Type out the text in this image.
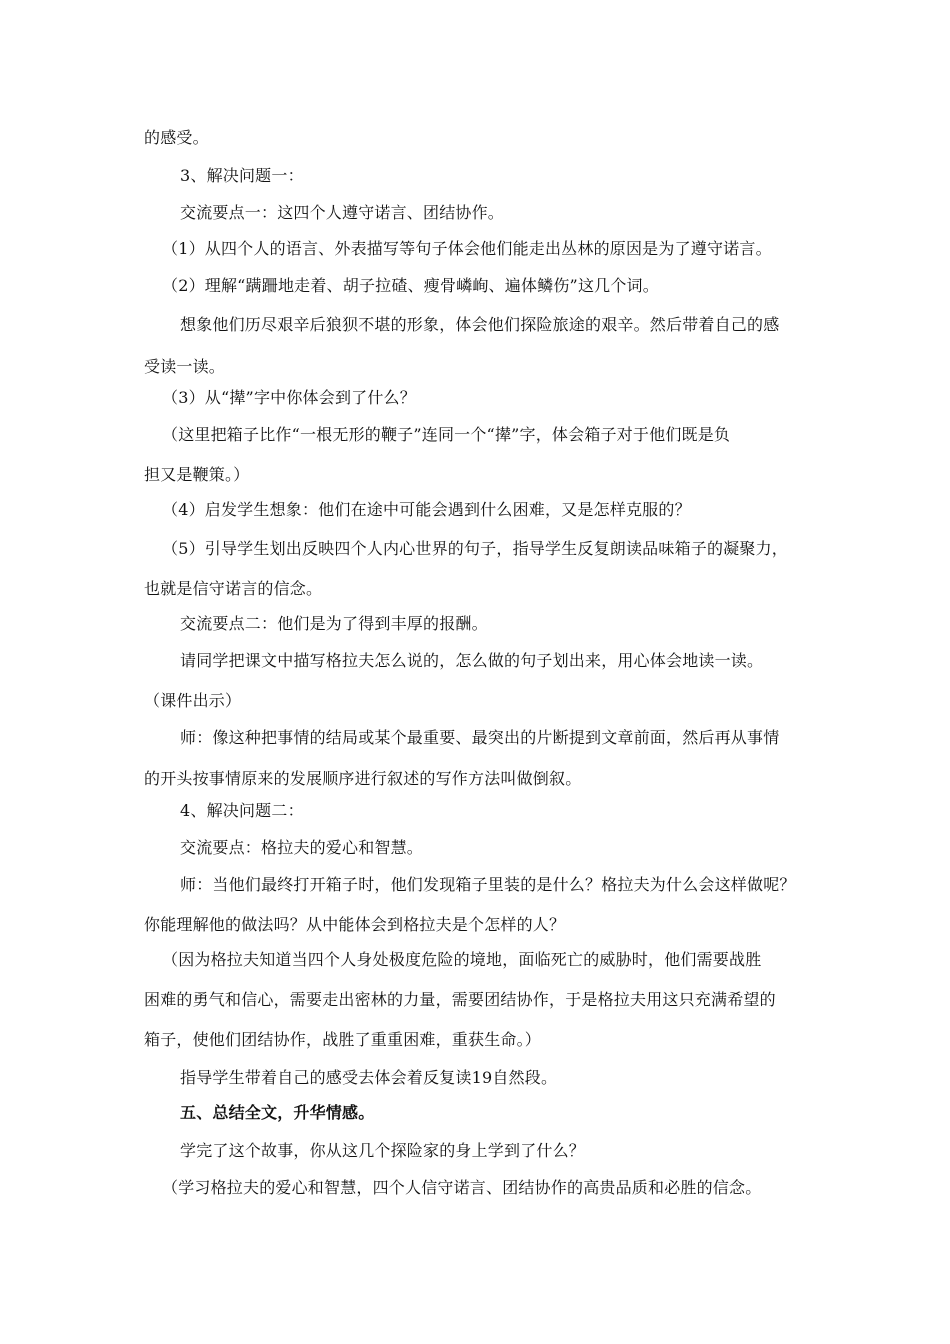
的感受。
3、解决问题一：
交流要点一：这四个人遵守诺言、团结协作。
（1）从四个人的语言、外表描写等句子体会他们能走出丛林的原因是为了遵守诺言。
（2）理解“蹒跚地走着、胡子拉碴、瘦骨嶙峋、遍体鳞伤”这几个词。
想象他们历尽艰辛后狼狈不堪的形象，体会他们探险旅途的艰辛。然后带着自己的感
受读一读。
（3）从“撵”字中你体会到了什么？
（这里把箱子比作“一根无形的鞭子”连同一个“撵”字，体会箱子对于他们既是负
担又是鞭策。）
（4）启发学生想象：他们在途中可能会遇到什么困难，又是怎样克服的？
（5）引导学生划出反映四个人内心世界的句子，指导学生反复朗读品味箱子的凝聚力，
也就是信守诺言的信念。
交流要点二：他们是为了得到丰厚的报酬。
请同学把课文中描写格拉夫怎么说的，怎么做的句子划出来，用心体会地读一读。
（课件出示）
师：像这种把事情的结局或某个最重要、最突出的片断提到文章前面，然后再从事情
的开头按事情原来的发展顺序进行叙述的写作方法叫做倒叙。
4、解决问题二：
交流要点：格拉夫的爱心和智慧。
师：当他们最终打开箱子时，他们发现箱子里装的是什么？格拉夫为什么会这样做呢？
你能理解他的做法吗？从中能体会到格拉夫是个怎样的人？
（因为格拉夫知道当四个人身处极度危险的境地，面临死亡的威胁时，他们需要战胜
困难的勇气和信心，需要走出密林的力量，需要团结协作，于是格拉夫用这只充满希望的
箱子，使他们团结协作，战胜了重重困难，重获生命。）
指导学生带着自己的感受去体会着反复读19自然段。
五、总结全文，升华情感。
学完了这个故事，你从这几个探险家的身上学到了什么？
（学习格拉夫的爱心和智慧，四个人信守诺言、团结协作的高贵品质和必胜的信念。
